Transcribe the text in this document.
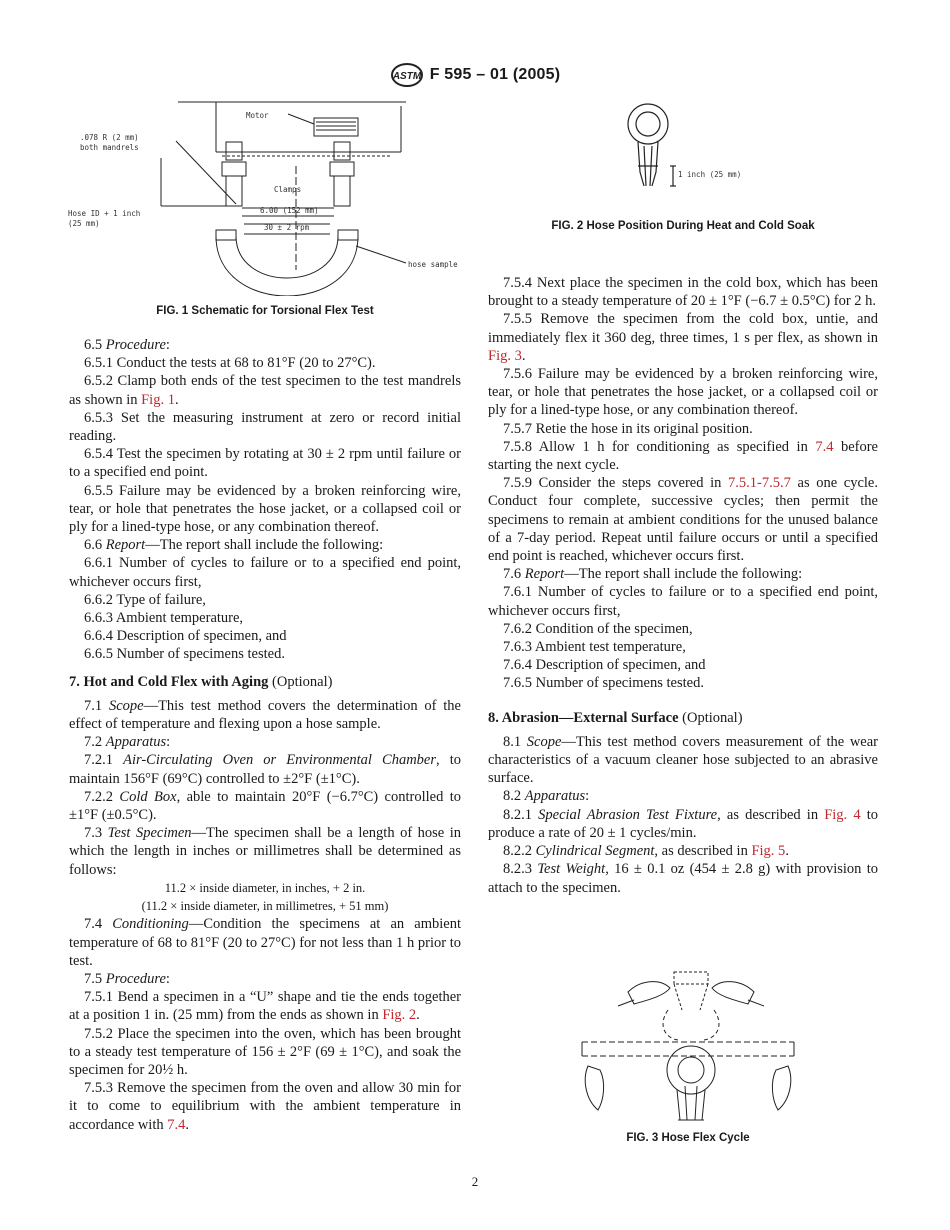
ASTM F 595 – 01 (2005)
Motor
.078 R (2 mm)
both mandrels
Clamps
6.00 (152 mm)
30 ± 2 rpm
Hose ID + 1 inch
(25 mm)
hose sample
FIG. 1 Schematic for Torsional Flex Test
1 inch (25 mm)
FIG. 2 Hose Position During Heat and Cold Soak

6.5 Procedure:

6.5.1 Conduct the tests at 68 to 81°F (20 to 27°C).

6.5.2 Clamp both ends of the test specimen to the test mandrels as shown in Fig. 1.

6.5.3 Set the measuring instrument at zero or record initial reading.

6.5.4 Test the specimen by rotating at 30 ± 2 rpm until failure or to a specified end point.

6.5.5 Failure may be evidenced by a broken reinforcing wire, tear, or hole that penetrates the hose jacket, or a collapsed coil or ply for a lined-type hose, or any combination thereof.

6.6 Report—The report shall include the following:

6.6.1 Number of cycles to failure or to a specified end point, whichever occurs first,

6.6.2 Type of failure,

6.6.3 Ambient temperature,

6.6.4 Description of specimen, and

6.6.5 Number of specimens tested.

7. Hot and Cold Flex with Aging (Optional)

7.1 Scope—This test method covers the determination of the effect of temperature and flexing upon a hose sample.

7.2 Apparatus:

7.2.1 Air-Circulating Oven or Environmental Chamber, to maintain 156°F (69°C) controlled to ±2°F (±1°C).

7.2.2 Cold Box, able to maintain 20°F (−6.7°C) controlled to ±1°F (±0.5°C).

7.3 Test Specimen—The specimen shall be a length of hose in which the length in inches or millimetres shall be determined as follows:

11.2 × inside diameter, in inches, + 2 in.

(11.2 × inside diameter, in millimetres, + 51 mm)

7.4 Conditioning—Condition the specimens at an ambient temperature of 68 to 81°F (20 to 27°C) for not less than 1 h prior to test.

7.5 Procedure:

7.5.1 Bend a specimen in a “U” shape and tie the ends together at a position 1 in. (25 mm) from the ends as shown in Fig. 2.

7.5.2 Place the specimen into the oven, which has been brought to a steady test temperature of 156 ± 2°F (69 ± 1°C), and soak the specimen for 20½ h.

7.5.3 Remove the specimen from the oven and allow 30 min for it to come to equilibrium with the ambient temperature in accordance with 7.4.

7.5.4 Next place the specimen in the cold box, which has been brought to a steady temperature of 20 ± 1°F (−6.7 ± 0.5°C) for 2 h.

7.5.5 Remove the specimen from the cold box, untie, and immediately flex it 360 deg, three times, 1 s per flex, as shown in Fig. 3.

7.5.6 Failure may be evidenced by a broken reinforcing wire, tear, or hole that penetrates the hose jacket, or a collapsed coil or ply for a lined-type hose, or any combination thereof.

7.5.7 Retie the hose in its original position.

7.5.8 Allow 1 h for conditioning as specified in 7.4 before starting the next cycle.

7.5.9 Consider the steps covered in 7.5.1-7.5.7 as one cycle. Conduct four complete, successive cycles; then permit the specimens to remain at ambient conditions for the unused balance of a 7-day period. Repeat until failure occurs or until a specified end point is reached, whichever occurs first.

7.6 Report—The report shall include the following:

7.6.1 Number of cycles to failure or to a specified end point, whichever occurs first,

7.6.2 Condition of the specimen,

7.6.3 Ambient test temperature,

7.6.4 Description of specimen, and

7.6.5 Number of specimens tested.

8. Abrasion—External Surface (Optional)

8.1 Scope—This test method covers measurement of the wear characteristics of a vacuum cleaner hose subjected to an abrasive surface.

8.2 Apparatus:

8.2.1 Special Abrasion Test Fixture, as described in Fig. 4 to produce a rate of 20 ± 1 cycles/min.

8.2.2 Cylindrical Segment, as described in Fig. 5.

8.2.3 Test Weight, 16 ± 0.1 oz (454 ± 2.8 g) with provision to attach to the specimen.

FIG. 3 Hose Flex Cycle
2
